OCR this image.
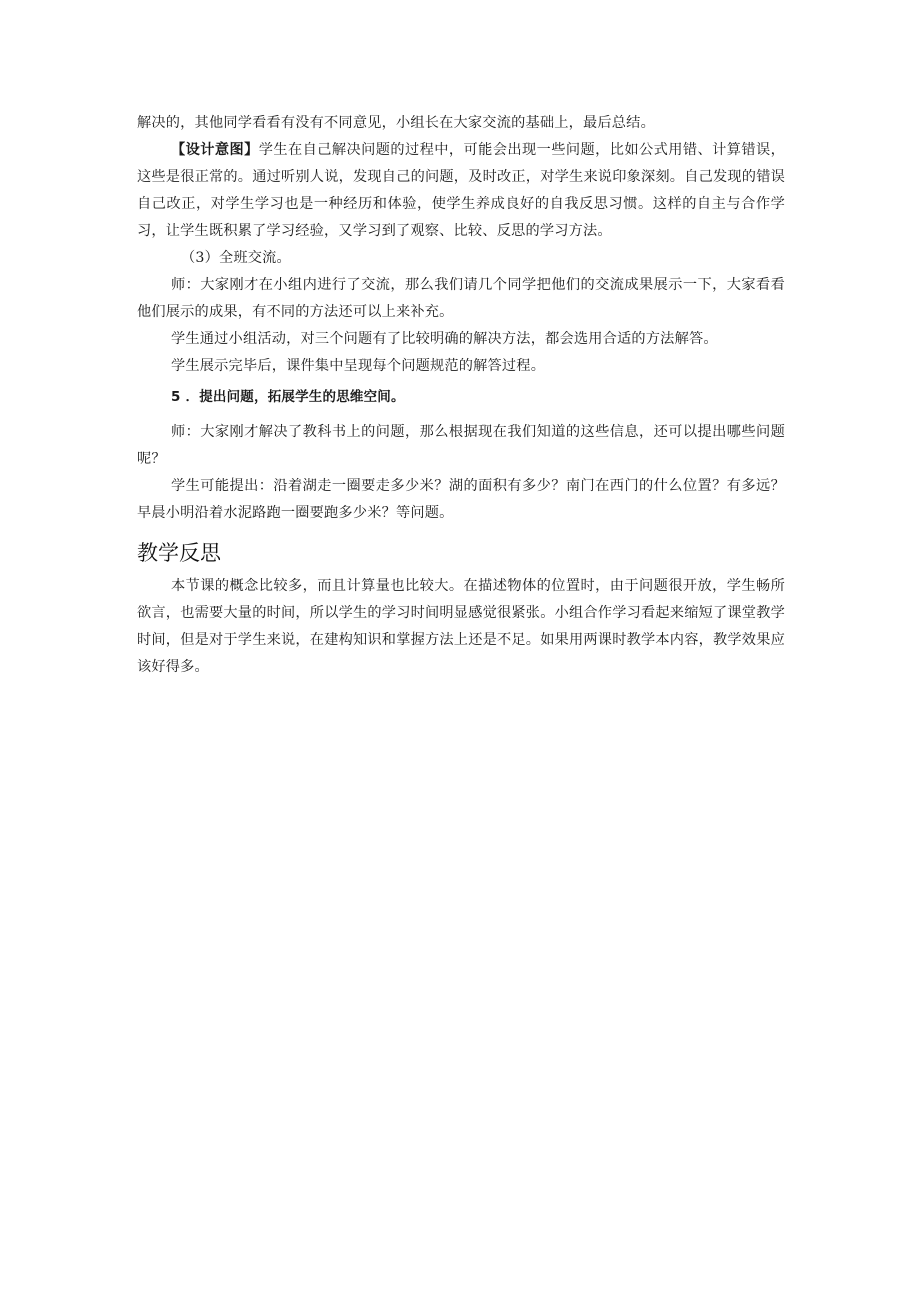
解决的，其他同学看看有没有不同意见，小组长在大家交流的基础上，最后总结。

【设计意图】学生在自己解决问题的过程中，可能会出现一些问题，比如公式用错、计算错误，这些是很正常的。通过听别人说，发现自己的问题，及时改正，对学生来说印象深刻。自己发现的错误自己改正，对学生学习也是一种经历和体验，使学生养成良好的自我反思习惯。这样的自主与合作学习，让学生既积累了学习经验，又学习到了观察、比较、反思的学习方法。

（3）全班交流。

师：大家刚才在小组内进行了交流，那么我们请几个同学把他们的交流成果展示一下，大家看看他们展示的成果，有不同的方法还可以上来补充。

学生通过小组活动，对三个问题有了比较明确的解决方法，都会选用合适的方法解答。

学生展示完毕后，课件集中呈现每个问题规范的解答过程。

5 ．提出问题，拓展学生的思维空间。

师：大家刚才解决了教科书上的问题，那么根据现在我们知道的这些信息，还可以提出哪些问题呢？

学生可能提出：沿着湖走一圈要走多少米？湖的面积有多少？南门在西门的什么位置？有多远？早晨小明沿着水泥路跑一圈要跑多少米？等问题。

教学反思

本节课的概念比较多，而且计算量也比较大。在描述物体的位置时，由于问题很开放，学生畅所欲言，也需要大量的时间，所以学生的学习时间明显感觉很紧张。小组合作学习看起来缩短了课堂教学时间，但是对于学生来说，在建构知识和掌握方法上还是不足。如果用两课时教学本内容，教学效果应该好得多。
